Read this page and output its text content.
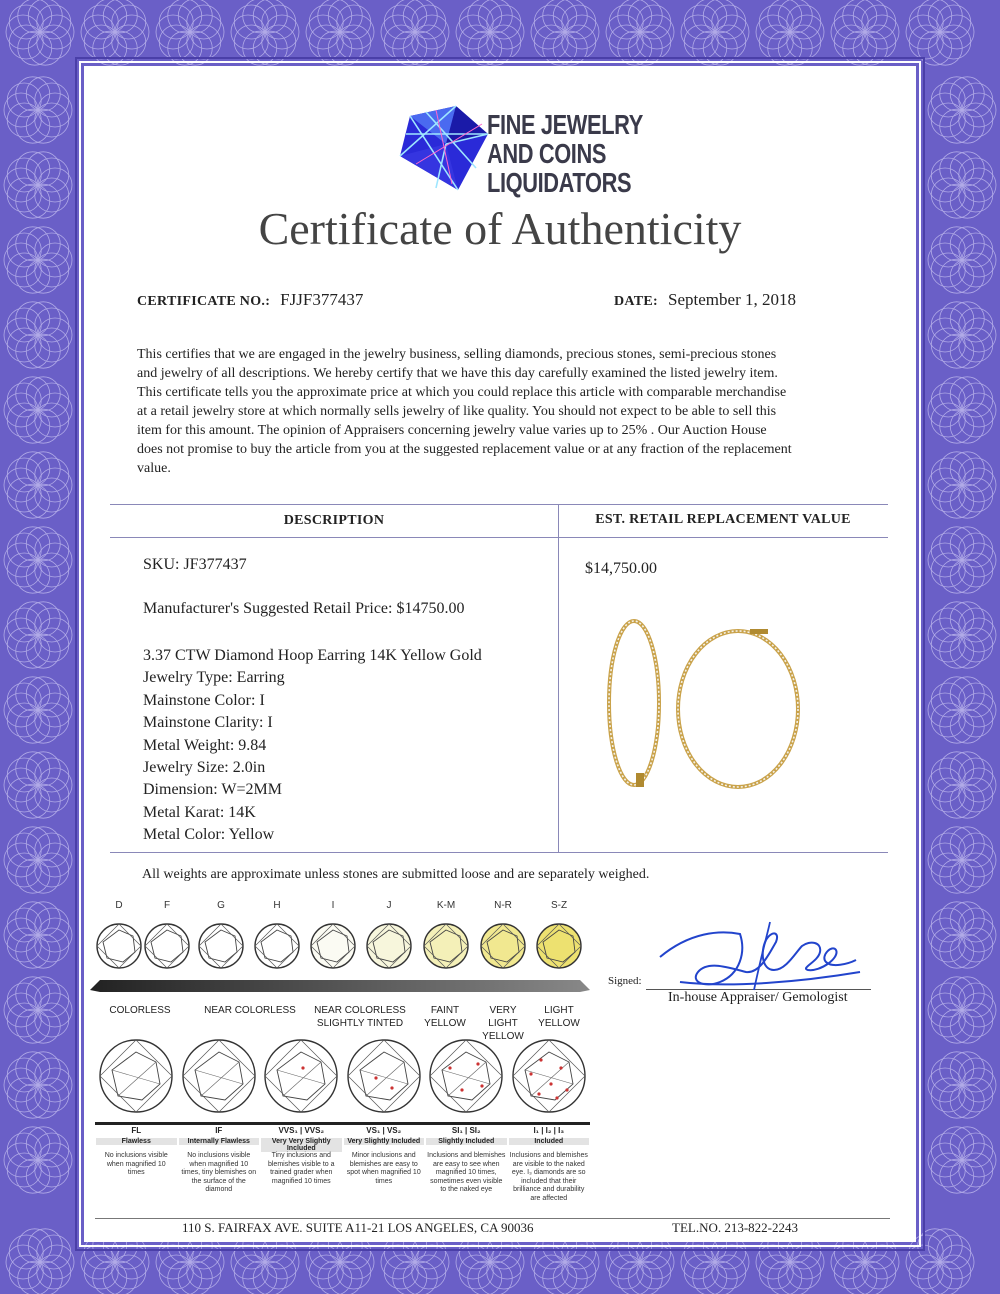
FINE JEWELRY
AND COINS
LIQUIDATORS
Certificate of Authenticity
CERTIFICATE NO.: FJJF377437	DATE: September 1, 2018
This certifies that we are engaged in the jewelry business, selling diamonds, precious stones, semi-precious stones
and jewelry of all descriptions. We hereby certify that we have this day carefully examined the listed jewelry item.
This certificate tells you the approximate price at which you could replace this article with comparable merchandise
at a retail jewelry store at which normally sells jewelry of like quality. You should not expect to be able to sell this
item for this amount. The opinion of Appraisers concerning jewelry value varies up to 25% . Our Auction House
does not promise to buy the article from you at the suggested replacement value or at any fraction of the replacement
value.
DESCRIPTION	EST. RETAIL REPLACEMENT VALUE
SKU: JF377437
Manufacturer's Suggested Retail Price: $14750.00
3.37 CTW Diamond Hoop Earring 14K Yellow Gold
Jewelry Type: Earring
Mainstone Color: I
Mainstone Clarity: I
Metal Weight: 9.84
Jewelry Size: 2.0in
Dimension: W=2MM
Metal Karat: 14K
Metal Color: Yellow
$14,750.00
All weights are approximate unless stones are submitted loose and are separately weighed.
D	F	G	H	I	J	K-M	N-R	S-Z
COLORLESS	NEAR COLORLESS	NEAR COLORLESS
SLIGHTLY TINTED
FAINT
YELLOW
VERY LIGHT
YELLOW
LIGHT
YELLOW
FL
Flawless
No inclusions visible
when magnified 10
times
IF
Internally Flawless
No inclusions visible
when magnified 10
times, tiny blemishes on
the surface of the
diamond
VVS₁ | VVS₂
Very Very Slightly Included
Tiny inclusions and
blemishes visible to a
trained grader when
magnified 10 times
VS₁ | VS₂
Very Slightly Included
Minor inclusions and
blemishes are easy to
spot when magnified 10
times
SI₁ | SI₂
Slightly Included
Inclusions and blemishes
are easy to see when
magnified 10 times,
sometimes even visible
to the naked eye
I₁ | I₂ | I₃
Included
Inclusions and blemishes
are visible to the naked
eye. I₃ diamonds are so
included that their
brilliance and durability
are affected
Signed:
In-house Appraiser/ Gemologist
110 S. FAIRFAX AVE. SUITE A11-21 LOS ANGELES, CA 90036	TEL.NO. 213-822-2243
